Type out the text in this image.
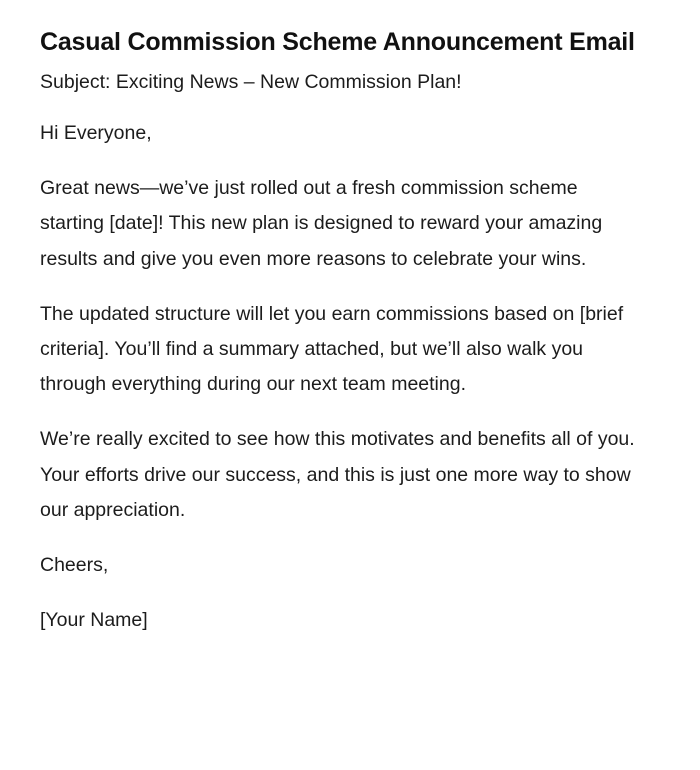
Casual Commission Scheme Announcement Email

Subject: Exciting News – New Commission Plan!

Hi Everyone,

Great news—we’ve just rolled out a fresh commission scheme starting [date]! This new plan is designed to reward your amazing results and give you even more reasons to celebrate your wins.

The updated structure will let you earn commissions based on [brief criteria]. You’ll find a summary attached, but we’ll also walk you through everything during our next team meeting.

We’re really excited to see how this motivates and benefits all of you. Your efforts drive our success, and this is just one more way to show our appreciation.

Cheers,

[Your Name]
